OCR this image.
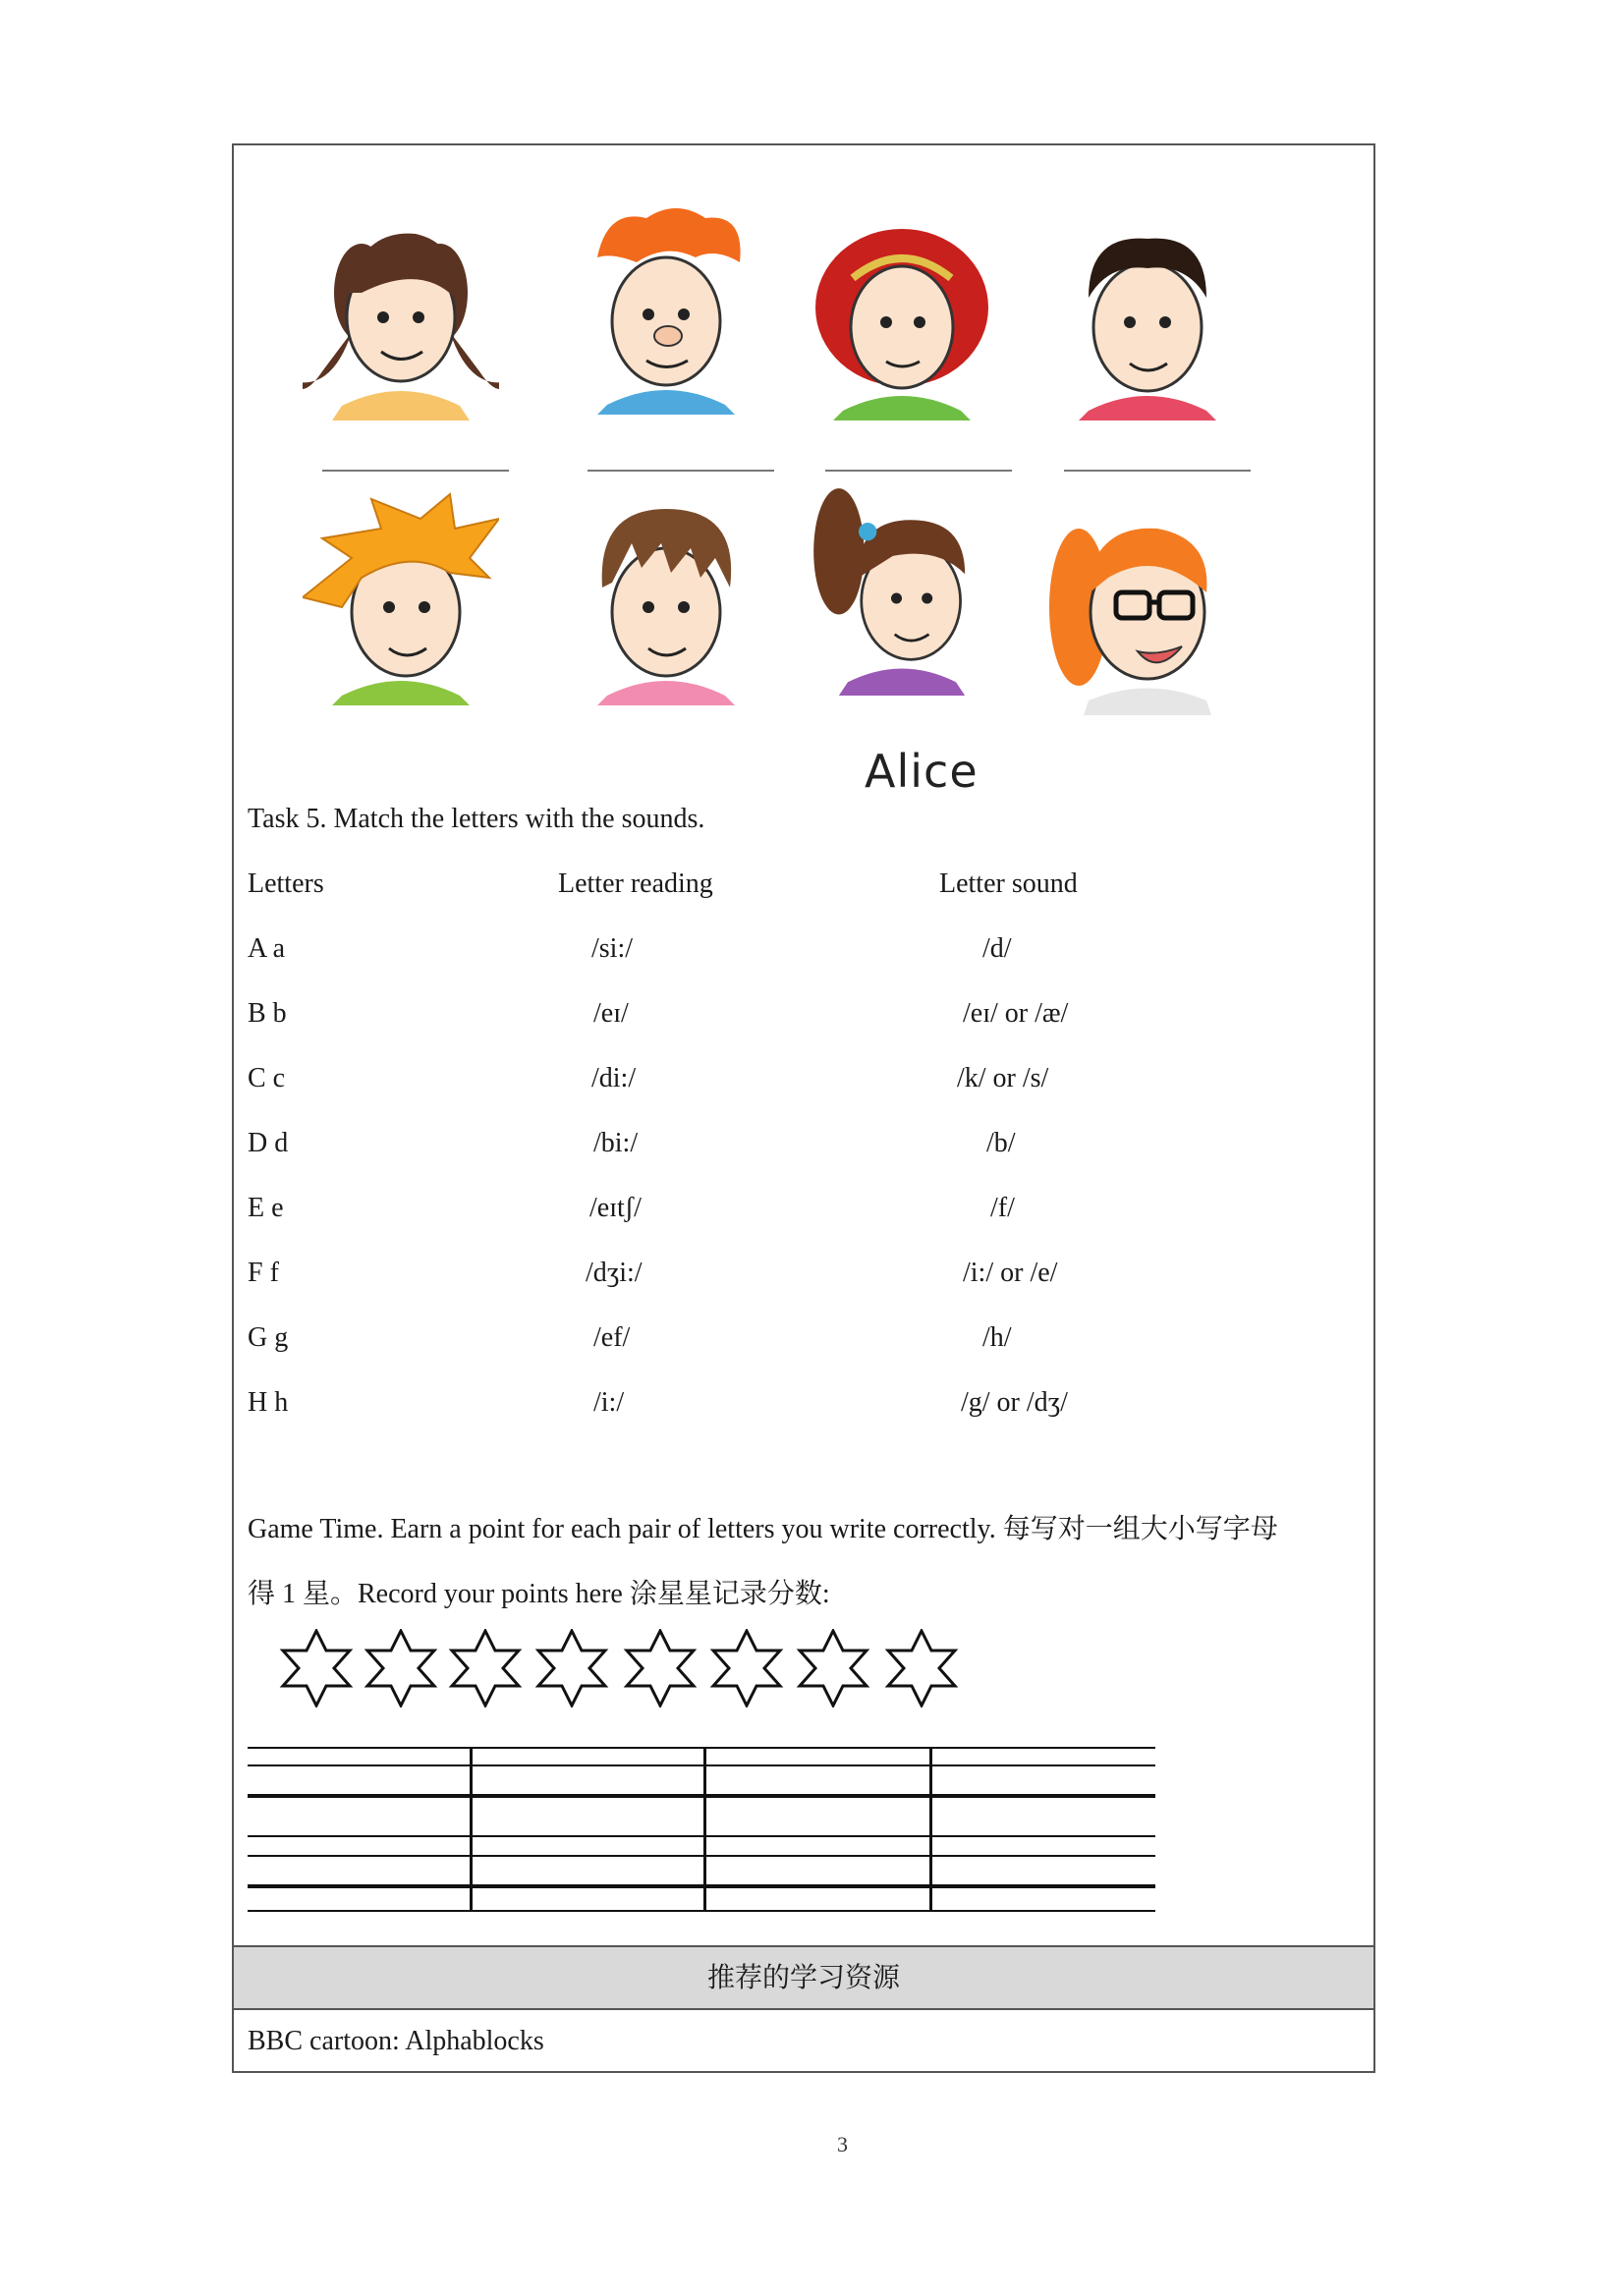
Alice
Task 5. Match the letters with the sounds.
Letters	Letter reading	Letter sound
A a	/si:/	/d/
B b	/eɪ/	/eɪ/ or /æ/
C c	/di:/	/k/ or /s/
D d	/bi:/	/b/
E e	/eɪtʃ/	/f/
F f	/dʒi:/	/i:/ or /e/
G g	/ef/	/h/
H h	/i:/	/g/ or /dʒ/
Game Time. Earn a point for each pair of letters you write correctly. 每写对一组大小写字母
得 1 星。Record your points here 涂星星记录分数:
推荐的学习资源
BBC cartoon: Alphablocks
3
